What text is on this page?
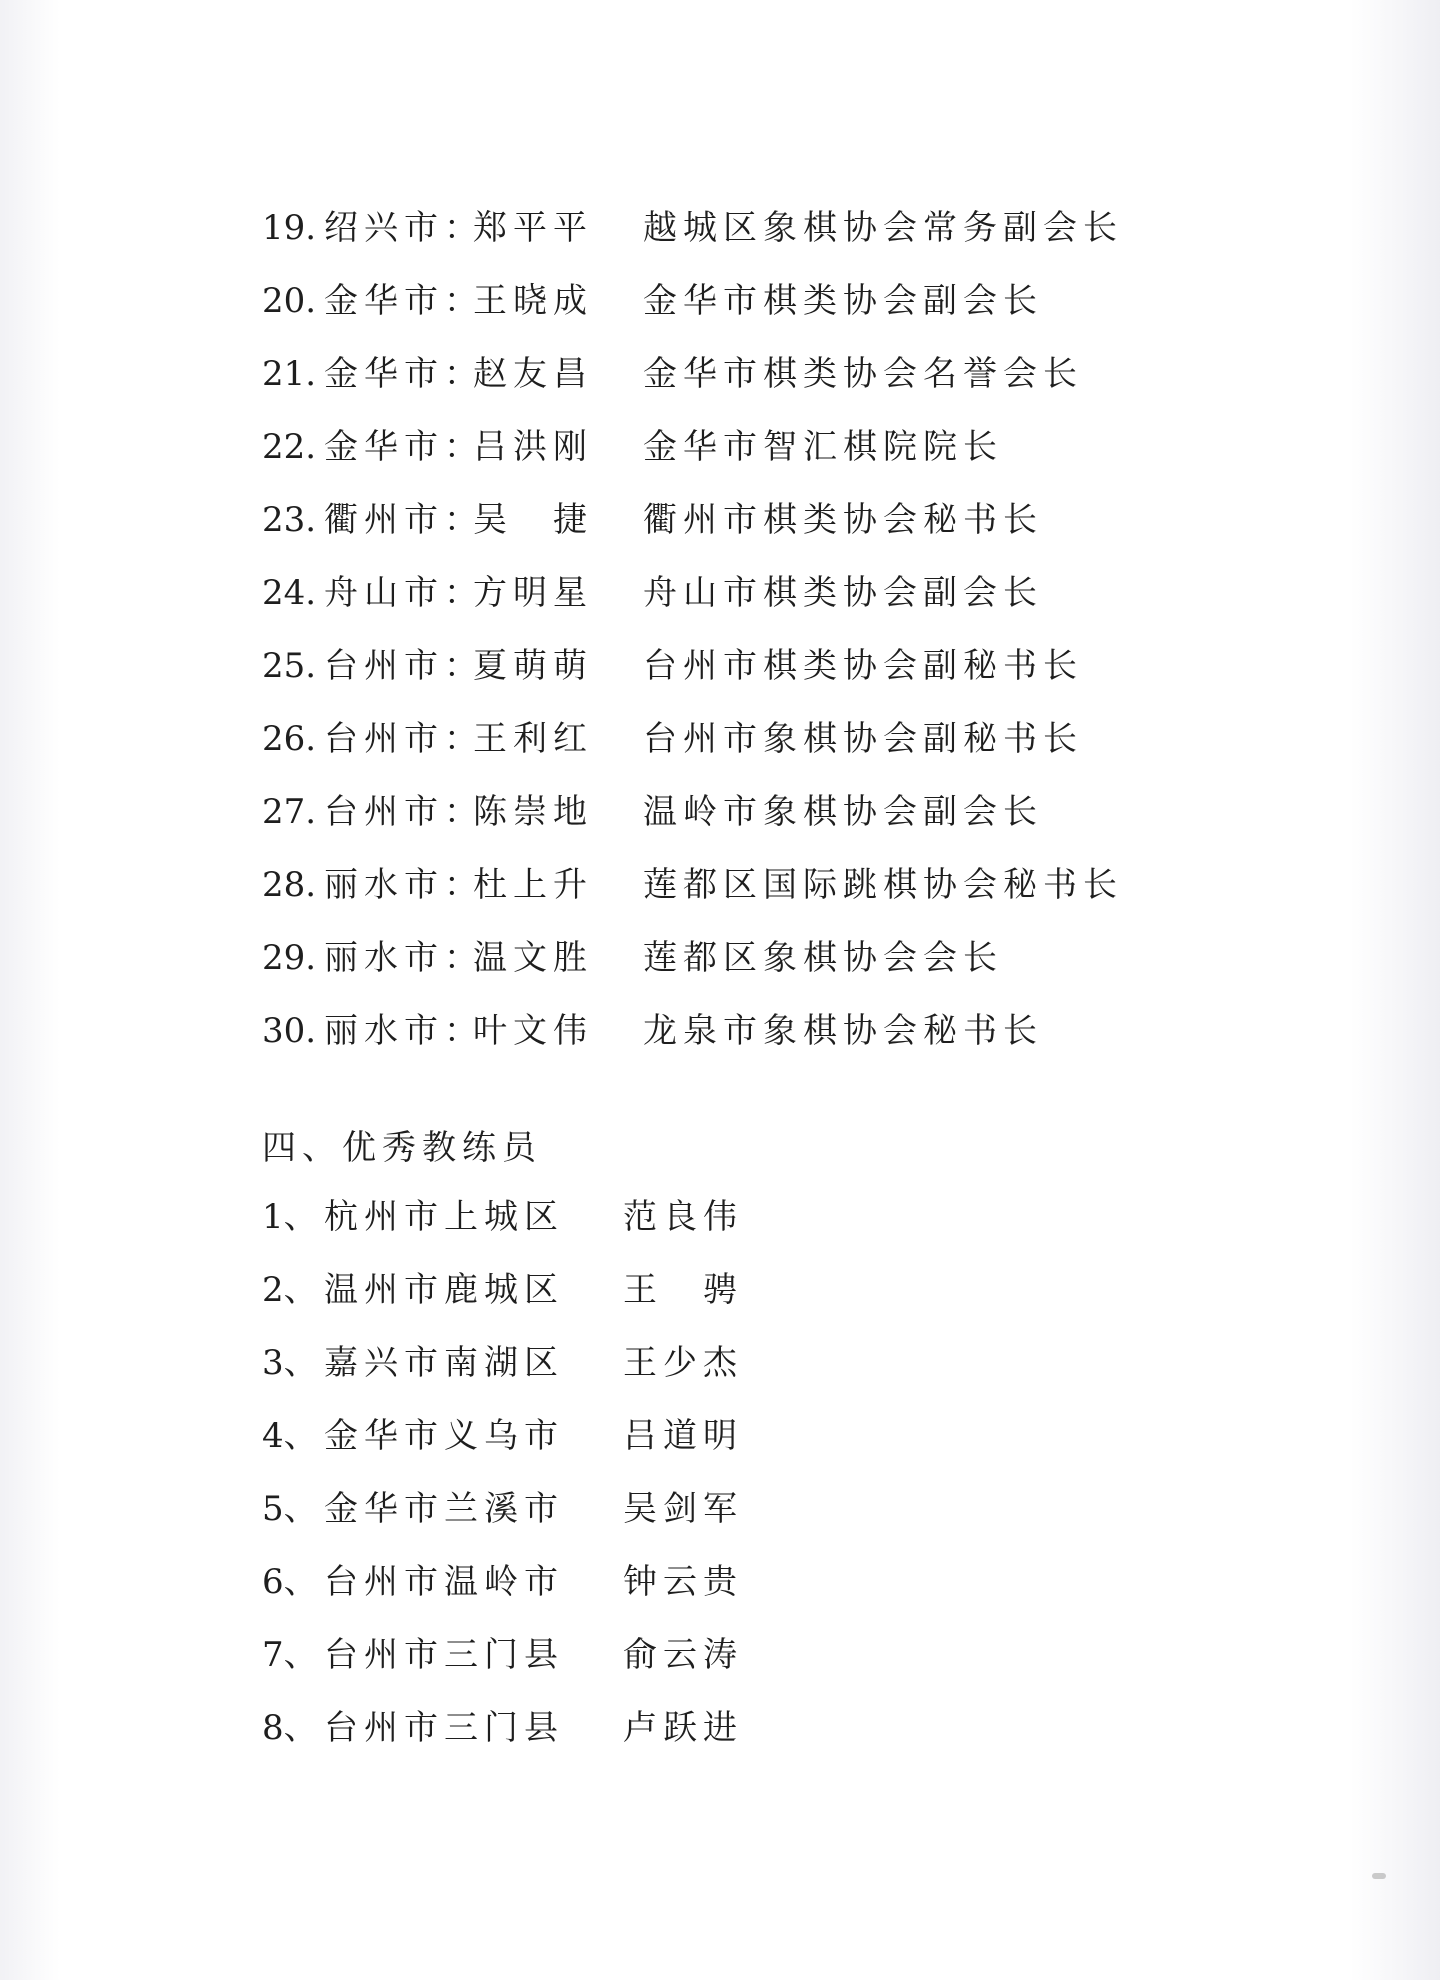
19. 绍兴市：
郑平平 越城区象棋协会常务副会长
20. 金华市：
王晓成 金华市棋类协会副会长
21. 金华市：
赵友昌 金华市棋类协会名誉会长
22. 金华市：
吕洪刚 金华市智汇棋院院长
23. 衢州市：
吴　捷 衢州市棋类协会秘书长
24. 舟山市：
方明星 舟山市棋类协会副会长
25. 台州市：
夏萌萌 台州市棋类协会副秘书长
26. 台州市：
王利红 台州市象棋协会副秘书长
27. 台州市：
陈崇地 温岭市象棋协会副会长
28. 丽水市：
杜上升 莲都区国际跳棋协会秘书长
29. 丽水市：
温文胜 莲都区象棋协会会长
30. 丽水市：
叶文伟 龙泉市象棋协会秘书长
四、优秀教练员
1、 杭州市上城区 范良伟
2、 温州市鹿城区 王　骋
3、 嘉兴市南湖区 王少杰
4、 金华市义乌市 吕道明
5、 金华市兰溪市 吴剑军
6、 台州市温岭市 钟云贵
7、 台州市三门县 俞云涛
8、 台州市三门县 卢跃进
